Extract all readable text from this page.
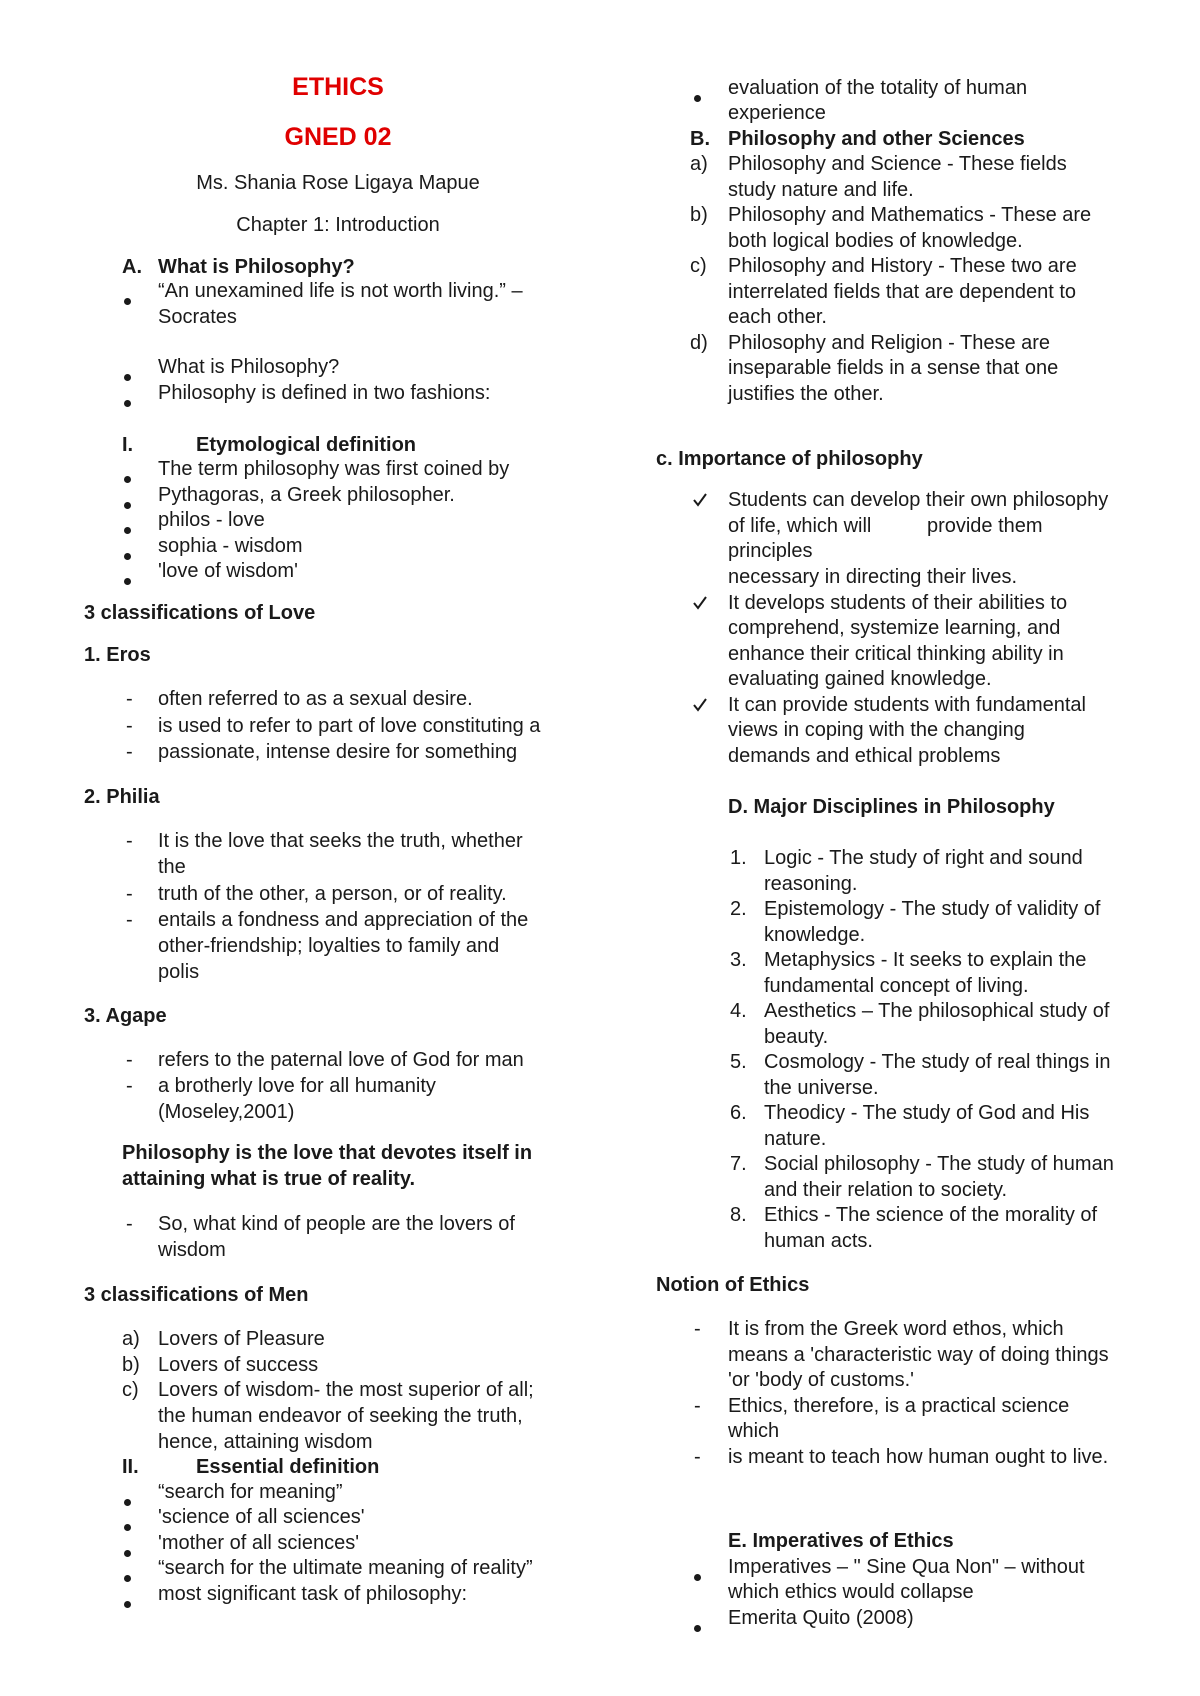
ETHICS
GNED 02
Ms. Shania Rose Ligaya Mapue
Chapter 1: Introduction
A. What is Philosophy?
“An unexamined life is not worth living.” –
Socrates
What is Philosophy?
Philosophy is defined in two fashions:
I.	Etymological definition
The term philosophy was first coined by
Pythagoras, a Greek philosopher.
philos - love
sophia - wisdom
'love of wisdom'
3 classifications of Love
1. Eros
- often referred to as a sexual desire.
- is used to refer to part of love constituting a
- passionate, intense desire for something
2. Philia
- It is the love that seeks the truth, whether
the
- truth of the other, a person, or of reality.
- entails a fondness and appreciation of the
other-friendship; loyalties to family and
polis
3. Agape
- refers to the paternal love of God for man
- a brotherly love for all humanity
(Moseley,2001)
Philosophy is the love that devotes itself in
attaining what is true of reality.
- So, what kind of people are the lovers of
wisdom
3 classifications of Men
a) Lovers of Pleasure
b) Lovers of success
c) Lovers of wisdom- the most superior of all;
the human endeavor of seeking the truth,
hence, attaining wisdom
II.	Essential definition
“search for meaning”
'science of all sciences'
'mother of all sciences'
“search for the ultimate meaning of reality”
most significant task of philosophy:
evaluation of the totality of human
experience
B. Philosophy and other Sciences
a) Philosophy and Science - These fields
study nature and life.
b) Philosophy and Mathematics - These are
both logical bodies of knowledge.
c) Philosophy and History - These two are
interrelated fields that are dependent to
each other.
d) Philosophy and Religion - These are
inseparable fields in a sense that one
justifies the other.
c. Importance of philosophy
Students can develop their own philosophy
of life, which will          provide them
principles
necessary in directing their lives.
It develops students of their abilities to
comprehend, systemize learning, and
enhance their critical thinking ability in
evaluating gained knowledge.
It can provide students with fundamental
views in coping with the changing
demands and ethical problems
D. Major Disciplines in Philosophy
1. Logic - The study of right and sound
reasoning.
2. Epistemology - The study of validity of
knowledge.
3. Metaphysics - It seeks to explain the
fundamental concept of living.
4. Aesthetics – The philosophical study of
beauty.
5. Cosmology - The study of real things in
the universe.
6. Theodicy - The study of God and His
nature.
7. Social philosophy - The study of human
and their relation to society.
8. Ethics - The science of the morality of
human acts.
Notion of Ethics
- It is from the Greek word ethos, which
means a 'characteristic way of doing things
'or 'body of customs.'
- Ethics, therefore, is a practical science
which
- is meant to teach how human ought to live.
E. Imperatives of Ethics
Imperatives – " Sine Qua Non" – without
which ethics would collapse
Emerita Quito (2008)
